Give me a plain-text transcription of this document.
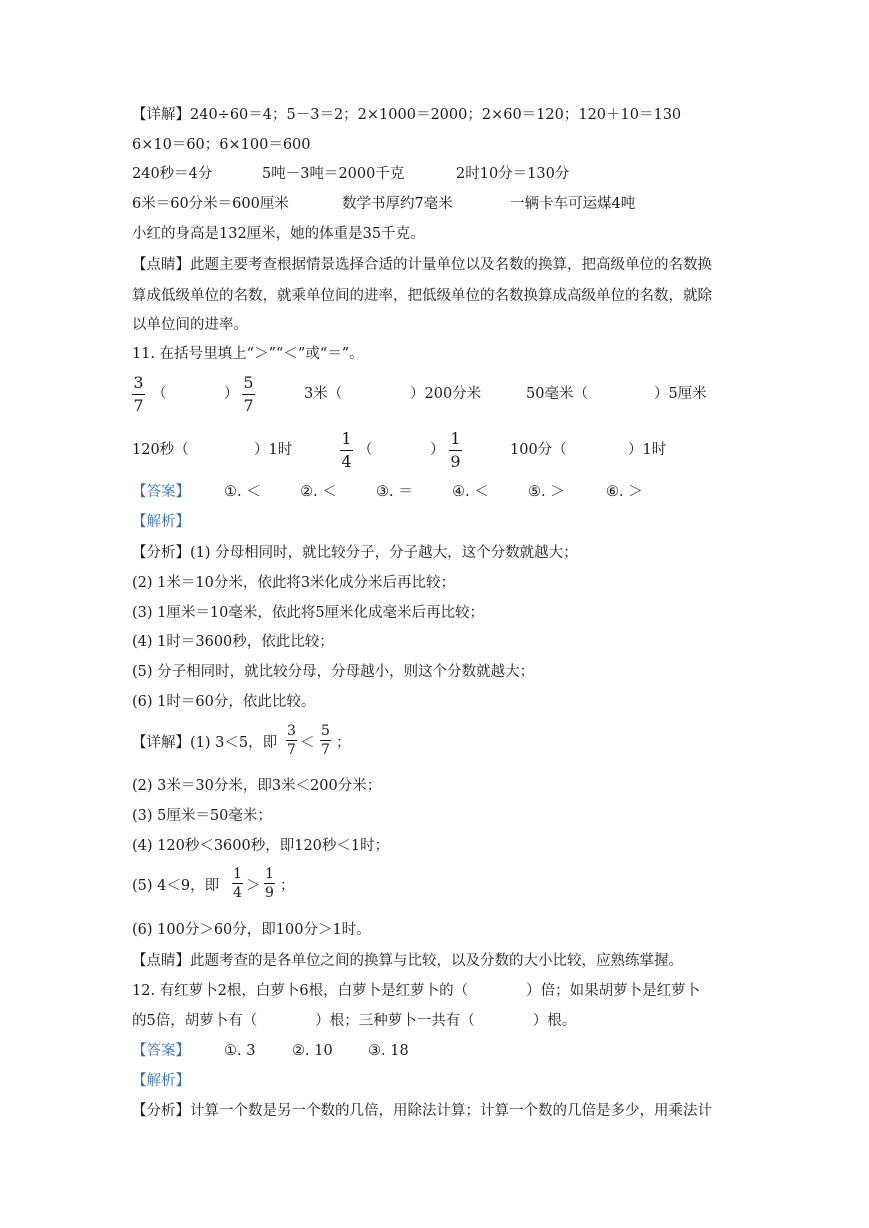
【详解】240÷60＝4；5－3＝2；2×1000＝2000；2×60＝120；120＋10＝130
6×10＝60；6×100＝600
240秒＝4分	5吨－3吨＝2000千克	2时10分＝130分
6米＝60分米＝600厘米	数学书厚约7毫米	一辆卡车可运煤4吨
小红的身高是132厘米，她的体重是35千克。
【点睛】此题主要考查根据情景选择合适的计量单位以及名数的换算，把高级单位的名数换
算成低级单位的名数，就乘单位间的进率，把低级单位的名数换算成高级单位的名数，就除
以单位间的进率。
11. 在括号里填上“＞”“＜”或“＝”。
3
7
（	）
5
7
3米（	）200分米	50毫米（	）5厘米
120秒（	）1时
1
4
（	）
1
9
100分（	）1时
【答案】 ①. ＜	②. ＜	③. ＝	④. ＜	⑤. ＞	⑥. ＞
【解析】
【分析】(1) 分母相同时，就比较分子，分子越大，这个分数就越大；
(2) 1米＝10分米，依此将3米化成分米后再比较；
(3) 1厘米＝10毫米，依此将5厘米化成毫米后再比较；
(4) 1时＝3600秒，依此比较；
(5) 分子相同时，就比较分母，分母越小，则这个分数就越大；
(6) 1时＝60分，依此比较。
【详解】(1) 3＜5，即
3
7 ＜
5
7 ；
(2) 3米＝30分米，即3米＜200分米；
(3) 5厘米＝50毫米；
(4) 120秒＜3600秒，即120秒＜1时；
(5) 4＜9，即
1
4 ＞
1
9 ；
(6) 100分＞60分，即100分＞1时。
【点睛】此题考查的是各单位之间的换算与比较，以及分数的大小比较，应熟练掌握。
12. 有红萝卜2根，白萝卜6根，白萝卜是红萝卜的（　　　　）倍；如果胡萝卜是红萝卜
的5倍，胡萝卜有（　　　　）根；三种萝卜一共有（　　　　）根。
【答案】 ①. 3	②. 10 ③. 18
【解析】
【分析】计算一个数是另一个数的几倍，用除法计算；计算一个数的几倍是多少，用乘法计
